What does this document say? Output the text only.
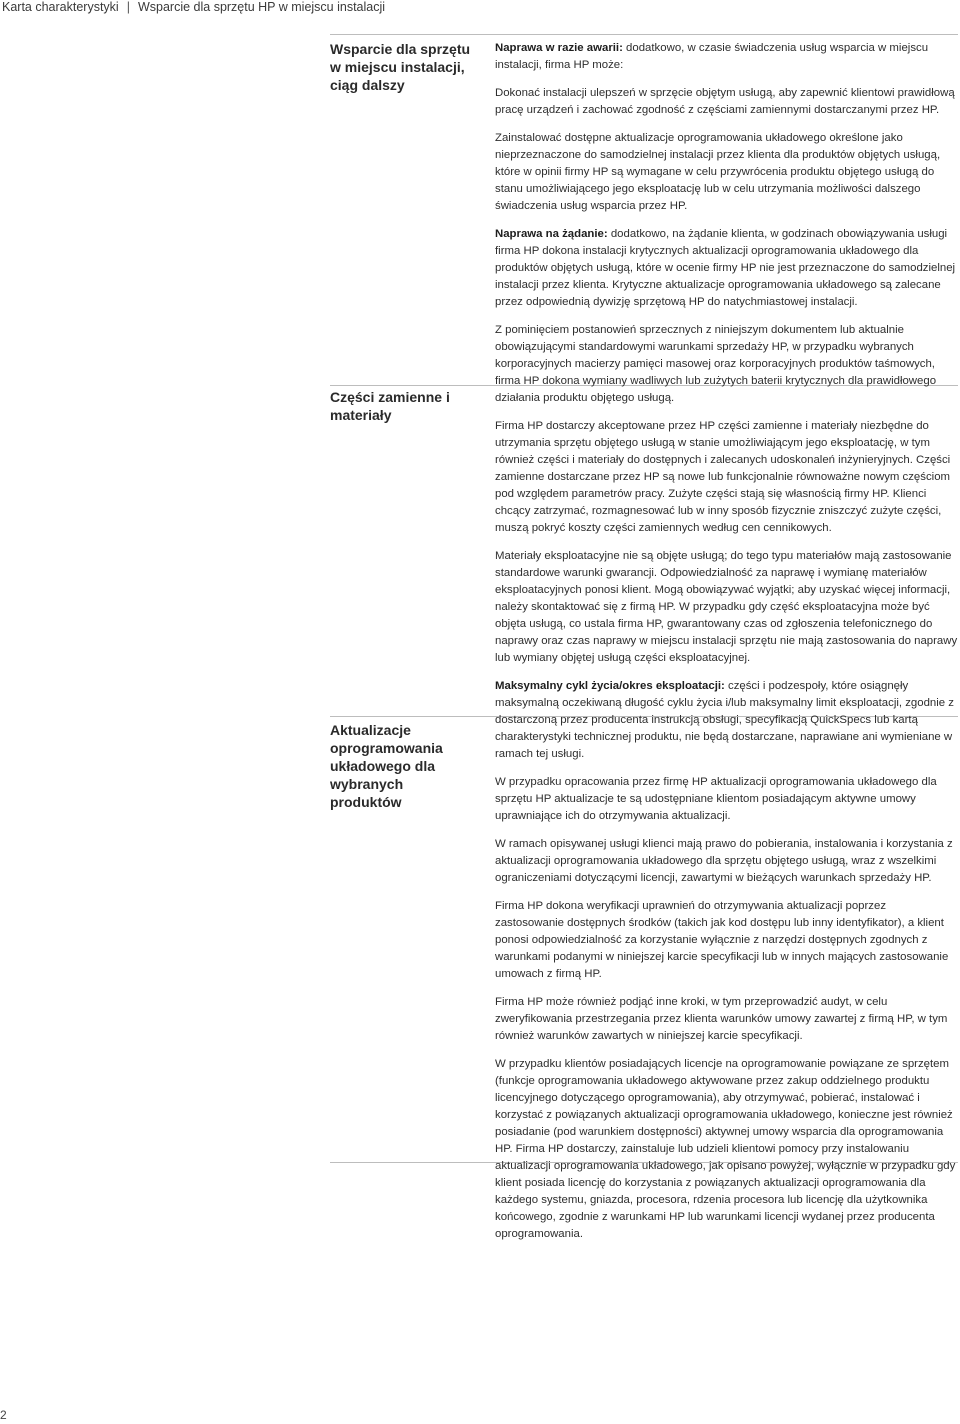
Karta charakterystyki | Wsparcie dla sprzętu HP w miejscu instalacji
Wsparcie dla sprzętu w miejscu instalacji, ciąg dalszy
Części zamienne i materiały
Aktualizacje oprogramowania układowego dla wybranych produktów

Naprawa w razie awarii: dodatkowo, w czasie świadczenia usług wsparcia w miejscu instalacji, firma HP może:

Dokonać instalacji ulepszeń w sprzęcie objętym usługą, aby zapewnić klientowi prawidłową pracę urządzeń i zachować zgodność z częściami zamiennymi dostarczanymi przez HP.

Zainstalować dostępne aktualizacje oprogramowania układowego określone jako nieprzeznaczone do samodzielnej instalacji przez klienta dla produktów objętych usługą, które w opinii firmy HP są wymagane w celu przywrócenia produktu objętego usługą do stanu umożliwiającego jego eksploatację lub w celu utrzymania możliwości dalszego świadczenia usług wsparcia przez HP.

Naprawa na żądanie: dodatkowo, na żądanie klienta, w godzinach obowiązywania usługi firma HP dokona instalacji krytycznych aktualizacji oprogramowania układowego dla produktów objętych usługą, które w ocenie firmy HP nie jest przeznaczone do samodzielnej instalacji przez klienta. Krytyczne aktualizacje oprogramowania układowego są zalecane przez odpowiednią dywizję sprzętową HP do natychmiastowej instalacji.

Z pominięciem postanowień sprzecznych z niniejszym dokumentem lub aktualnie obowiązującymi standardowymi warunkami sprzedaży HP, w przypadku wybranych korporacyjnych macierzy pamięci masowej oraz korporacyjnych produktów taśmowych, firma HP dokona wymiany wadliwych lub zużytych baterii krytycznych dla prawidłowego działania produktu objętego usługą.

Firma HP dostarczy akceptowane przez HP części zamienne i materiały niezbędne do utrzymania sprzętu objętego usługą w stanie umożliwiającym jego eksploatację, w tym również części i materiały do dostępnych i zalecanych udoskonaleń inżynieryjnych. Części zamienne dostarczane przez HP są nowe lub funkcjonalnie równoważne nowym częściom pod względem parametrów pracy. Zużyte części stają się własnością firmy HP. Klienci chcący zatrzymać, rozmagnesować lub w inny sposób fizycznie zniszczyć zużyte części, muszą pokryć koszty części zamiennych według cen cennikowych.

Materiały eksploatacyjne nie są objęte usługą; do tego typu materiałów mają zastosowanie standardowe warunki gwarancji. Odpowiedzialność za naprawę i wymianę materiałów eksploatacyjnych ponosi klient. Mogą obowiązywać wyjątki; aby uzyskać więcej informacji, należy skontaktować się z firmą HP. W przypadku gdy część eksploatacyjna może być objęta usługą, co ustala firma HP, gwarantowany czas od zgłoszenia telefonicznego do naprawy oraz czas naprawy w miejscu instalacji sprzętu nie mają zastosowania do naprawy lub wymiany objętej usługą części eksploatacyjnej.

Maksymalny cykl życia/okres eksploatacji: części i podzespoły, które osiągnęły maksymalną oczekiwaną długość cyklu życia i/lub maksymalny limit eksploatacji, zgodnie z dostarczoną przez producenta instrukcją obsługi, specyfikacją QuickSpecs lub kartą charakterystyki technicznej produktu, nie będą dostarczane, naprawiane ani wymieniane w ramach tej usługi.

W przypadku opracowania przez firmę HP aktualizacji oprogramowania układowego dla sprzętu HP aktualizacje te są udostępniane klientom posiadającym aktywne umowy uprawniające ich do otrzymywania aktualizacji.

W ramach opisywanej usługi klienci mają prawo do pobierania, instalowania i korzystania z aktualizacji oprogramowania układowego dla sprzętu objętego usługą, wraz z wszelkimi ograniczeniami dotyczącymi licencji, zawartymi w bieżących warunkach sprzedaży HP.

Firma HP dokona weryfikacji uprawnień do otrzymywania aktualizacji poprzez zastosowanie dostępnych środków (takich jak kod dostępu lub inny identyfikator), a klient ponosi odpowiedzialność za korzystanie wyłącznie z narzędzi dostępnych zgodnych z warunkami podanymi w niniejszej karcie specyfikacji lub w innych mających zastosowanie umowach z firmą HP.

Firma HP może również podjąć inne kroki, w tym przeprowadzić audyt, w celu zweryfikowania przestrzegania przez klienta warunków umowy zawartej z firmą HP, w tym również warunków zawartych w niniejszej karcie specyfikacji.

W przypadku klientów posiadających licencje na oprogramowanie powiązane ze sprzętem (funkcje oprogramowania układowego aktywowane przez zakup oddzielnego produktu licencyjnego dotyczącego oprogramowania), aby otrzymywać, pobierać, instalować i korzystać z powiązanych aktualizacji oprogramowania układowego, konieczne jest również posiadanie (pod warunkiem dostępności) aktywnej umowy wsparcia dla oprogramowania HP. Firma HP dostarczy, zainstaluje lub udzieli klientowi pomocy przy instalowaniu aktualizacji oprogramowania układowego, jak opisano powyżej, wyłącznie w przypadku gdy klient posiada licencję do korzystania z powiązanych aktualizacji oprogramowania dla każdego systemu, gniazda, procesora, rdzenia procesora lub licencję dla użytkownika końcowego, zgodnie z warunkami HP lub warunkami licencji wydanej przez producenta oprogramowania.

2
